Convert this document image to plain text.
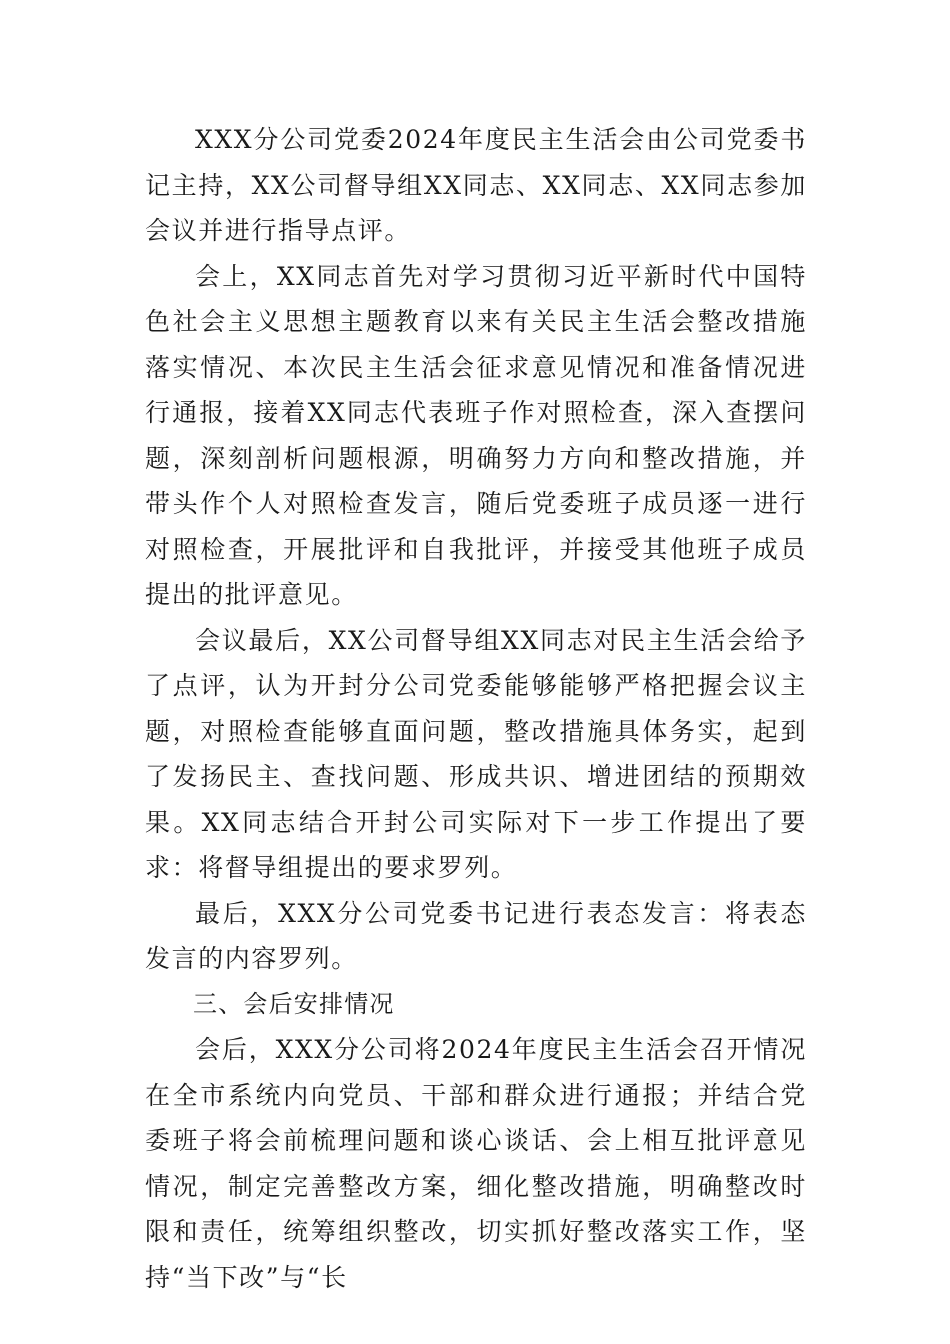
XXX分公司党委2024年度民主生活会由公司党委书记主持，XX公司督导组XX同志、XX同志、XX同志参加会议并进行指导点评。

会上，XX同志首先对学习贯彻习近平新时代中国特色社会主义思想主题教育以来有关民主生活会整改措施落实情况、本次民主生活会征求意见情况和准备情况进行通报，接着XX同志代表班子作对照检查，深入查摆问题，深刻剖析问题根源，明确努力方向和整改措施，并带头作个人对照检查发言，随后党委班子成员逐一进行对照检查，开展批评和自我批评，并接受其他班子成员提出的批评意见。

会议最后，XX公司督导组XX同志对民主生活会给予了点评，认为开封分公司党委能够能够严格把握会议主题，对照检查能够直面问题，整改措施具体务实，起到了发扬民主、查找问题、形成共识、增进团结的预期效果。XX同志结合开封公司实际对下一步工作提出了要求：将督导组提出的要求罗列。

最后，XXX分公司党委书记进行表态发言：将表态发言的内容罗列。

三、会后安排情况

会后，XXX分公司将2024年度民主生活会召开情况在全市系统内向党员、干部和群众进行通报；并结合党委班子将会前梳理问题和谈心谈话、会上相互批评意见情况，制定完善整改方案，细化整改措施，明确整改时限和责任，统筹组织整改，切实抓好整改落实工作，坚持“当下改”与“长
